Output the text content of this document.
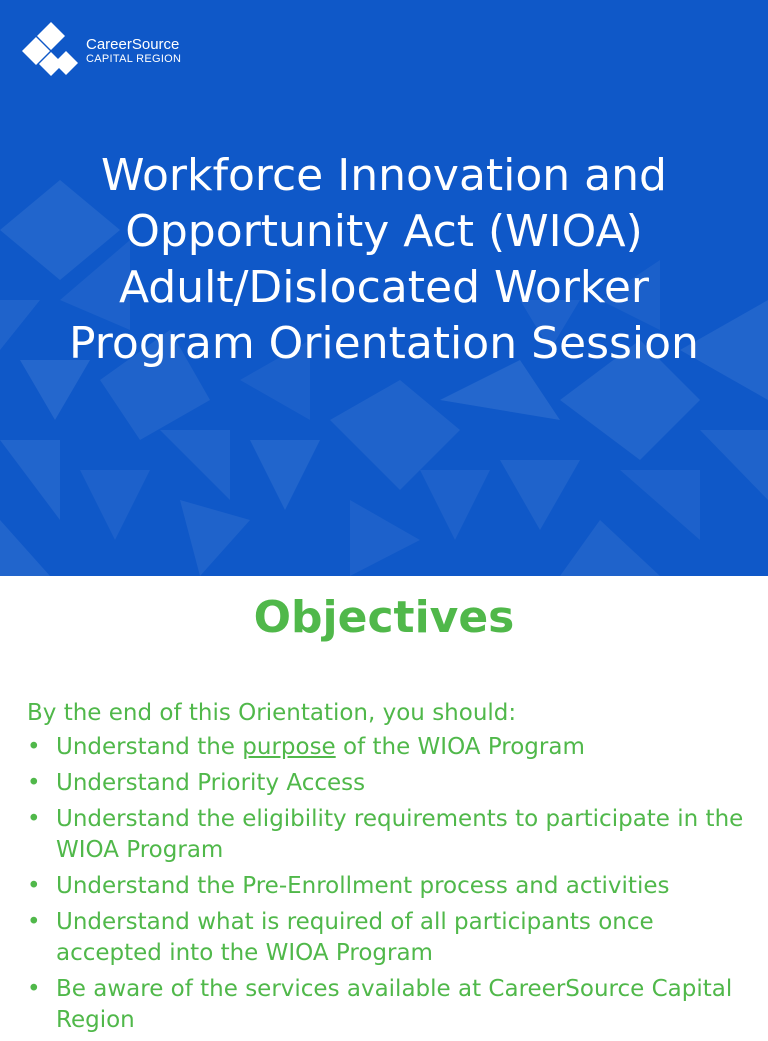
CareerSource
CAPITAL REGION
Workforce Innovation and
Opportunity Act (WIOA)
Adult/Dislocated Worker
Program Orientation Session
Objectives

By the end of this Orientation, you should:

• Understand the purpose of the WIOA Program
• Understand Priority Access
• Understand the eligibility requirements to participate in the WIOA Program
• Understand the Pre-Enrollment process and activities
• Understand what is required of all participants once accepted into the WIOA Program
• Be aware of the services available at CareerSource Capital Region
